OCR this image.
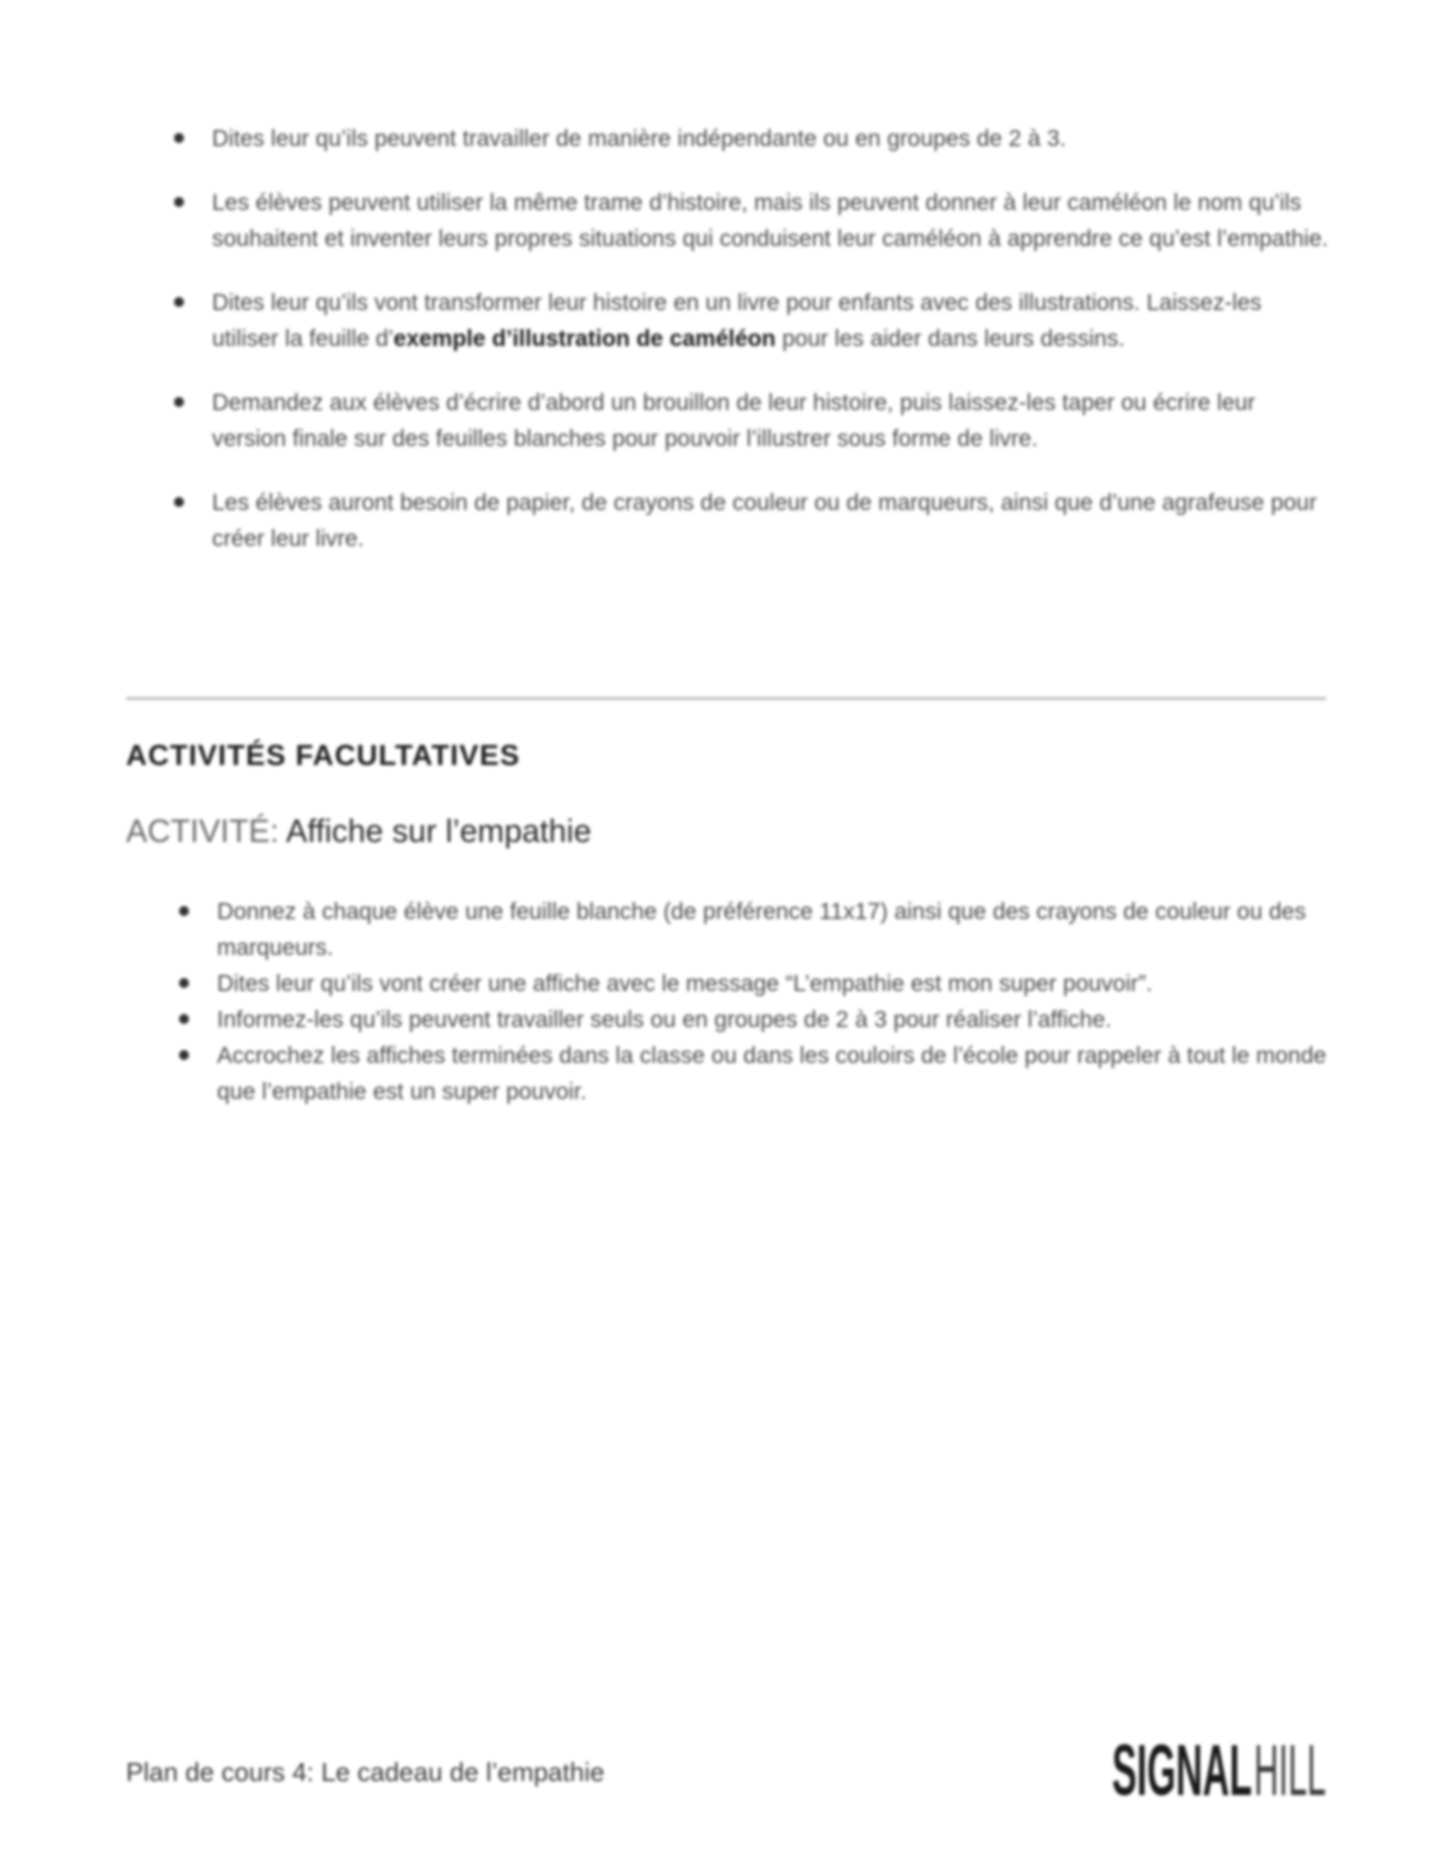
Dites leur qu’ils peuvent travailler de manière indépendante ou en groupes de 2 à 3.
Les élèves peuvent utiliser la même trame d’histoire, mais ils peuvent donner à leur caméléon le nom qu’ils souhaitent et inventer leurs propres situations qui conduisent leur caméléon à apprendre ce qu’est l’empathie.
Dites leur qu’ils vont transformer leur histoire en un livre pour enfants avec des illustrations. Laissez-les utiliser la feuille d’exemple d’illustration de caméléon pour les aider dans leurs dessins.
Demandez aux élèves d’écrire d’abord un brouillon de leur histoire, puis laissez-les taper ou écrire leur version finale sur des feuilles blanches pour pouvoir l’illustrer sous forme de livre.
Les élèves auront besoin de papier, de crayons de couleur ou de marqueurs, ainsi que d’une agrafeuse pour créer leur livre.
ACTIVITÉS FACULTATIVES
ACTIVITÉ: Affiche sur l’empathie
Donnez à chaque élève une feuille blanche (de préférence 11x17) ainsi que des crayons de couleur ou des marqueurs.
Dites leur qu’ils vont créer une affiche avec le message “L’empathie est mon super pouvoir”.
Informez-les qu’ils peuvent travailler seuls ou en groupes de 2 à 3 pour réaliser l’affiche.
Accrochez les affiches terminées dans la classe ou dans les couloirs de l’école pour rappeler à tout le monde que l’empathie est un super pouvoir.
Plan de cours 4: Le cadeau de l’empathie	SIGNAL HILL
